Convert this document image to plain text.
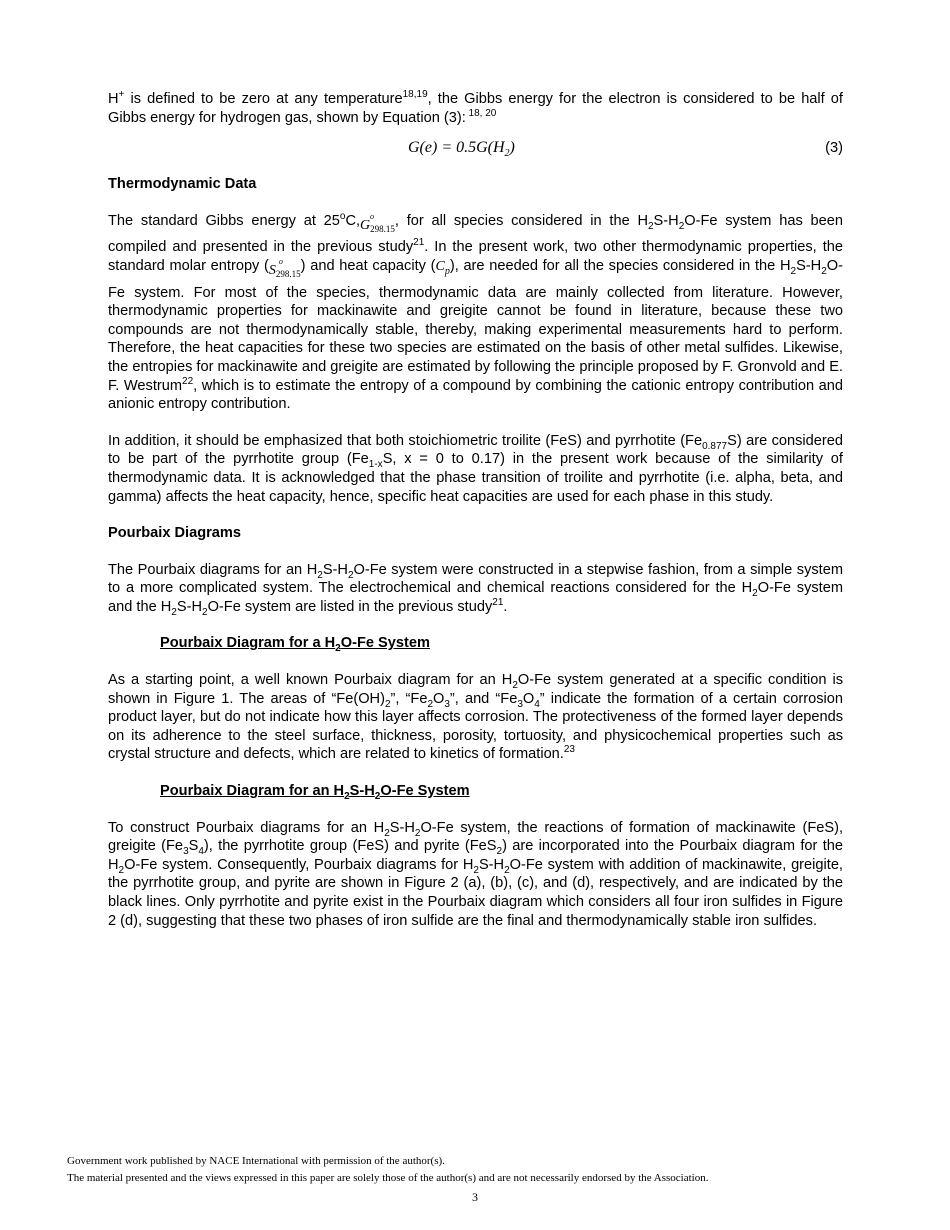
H+ is defined to be zero at any temperature$^{18,19}$, the Gibbs energy for the electron is considered to be half of Gibbs energy for hydrogen gas, shown by Equation (3): $^{18, 20}$

$G(e) = 0.5G(H_2)$	(3)
Thermodynamic Data

The standard Gibbs energy at 25$^o$C,G
o
$_{298.15}$, for all species considered in the $H_2S-H_2O-Fe$ system has been compiled and presented in the previous study$^{21}$. In the present work, two other thermodynamic properties, the standard molar entropy (S
o
$_{298.15}$) and heat capacity $(C_p)$, are needed for all the species considered in the $H_2S-H_2O-Fe$ system. For most of the species, thermodynamic data are mainly collected from literature. However, thermodynamic properties for mackinawite and greigite cannot be found in literature, because these two compounds are not thermodynamically stable, thereby, making experimental measurements hard to perform. Therefore, the heat capacities for these two species are estimated on the basis of other metal sulfides. Likewise, the entropies for mackinawite and greigite are estimated by following the principle proposed by F. Gronvold and E. F. Westrum$^{22}$, which is to estimate the entropy of a compound by combining the cationic entropy contribution and anionic entropy contribution.

In addition, it should be emphasized that both stoichiometric troilite (FeS) and pyrrhotite $(Fe_{0.877}S)$ are considered to be part of the pyrrhotite group ($Fe_{1-x}S$, x = 0 to 0.17) in the present work because of the similarity of thermodynamic data. It is acknowledged that the phase transition of troilite and pyrrhotite (i.e. alpha, beta, and gamma) affects the heat capacity, hence, specific heat capacities are used for each phase in this study.

Pourbaix Diagrams

The Pourbaix diagrams for an $H_2S-H_2O-Fe$ system were constructed in a stepwise fashion, from a simple system to a more complicated system. The electrochemical and chemical reactions considered for the $H_2O-Fe$ system and the $H_2S-H_2O-Fe$ system are listed in the previous study$^{21}$.

Pourbaix Diagram for a $H_2O-Fe$ System

As a starting point, a well known Pourbaix diagram for an $H_2O-Fe$ system generated at a specific condition is shown in Figure 1. The areas of “$Fe(OH)_2$”, “$Fe_2O_3$”, and “$Fe_3O_4$” indicate the formation of a certain corrosion product layer, but do not indicate how this layer affects corrosion. The protectiveness of the formed layer depends on its adherence to the steel surface, thickness, porosity, tortuosity, and physicochemical properties such as crystal structure and defects, which are related to kinetics of formation.$^{23}$

Pourbaix Diagram for an $H_2S-H_2O-Fe$ System

To construct Pourbaix diagrams for an $H_2S-H_2O-Fe$ system, the reactions of formation of mackinawite (FeS), greigite $(Fe_3S_4)$, the pyrrhotite group (FeS) and pyrite (FeS$_2$) are incorporated into the Pourbaix diagram for the $H_2O-Fe$ system. Consequently, Pourbaix diagrams for $H_2S-H_2O-Fe$ system with addition of mackinawite, greigite, the pyrrhotite group, and pyrite are shown in Figure 2 (a), (b), (c), and (d), respectively, and are indicated by the black lines. Only pyrrhotite and pyrite exist in the Pourbaix diagram which considers all four iron sulfides in Figure 2 (d), suggesting that these two phases of iron sulfide are the final and thermodynamically stable iron sulfides.

Government work published by NACE International with permission of the author(s).
The material presented and the views expressed in this paper are solely those of the author(s) and are not necessarily endorsed by the Association.
3
